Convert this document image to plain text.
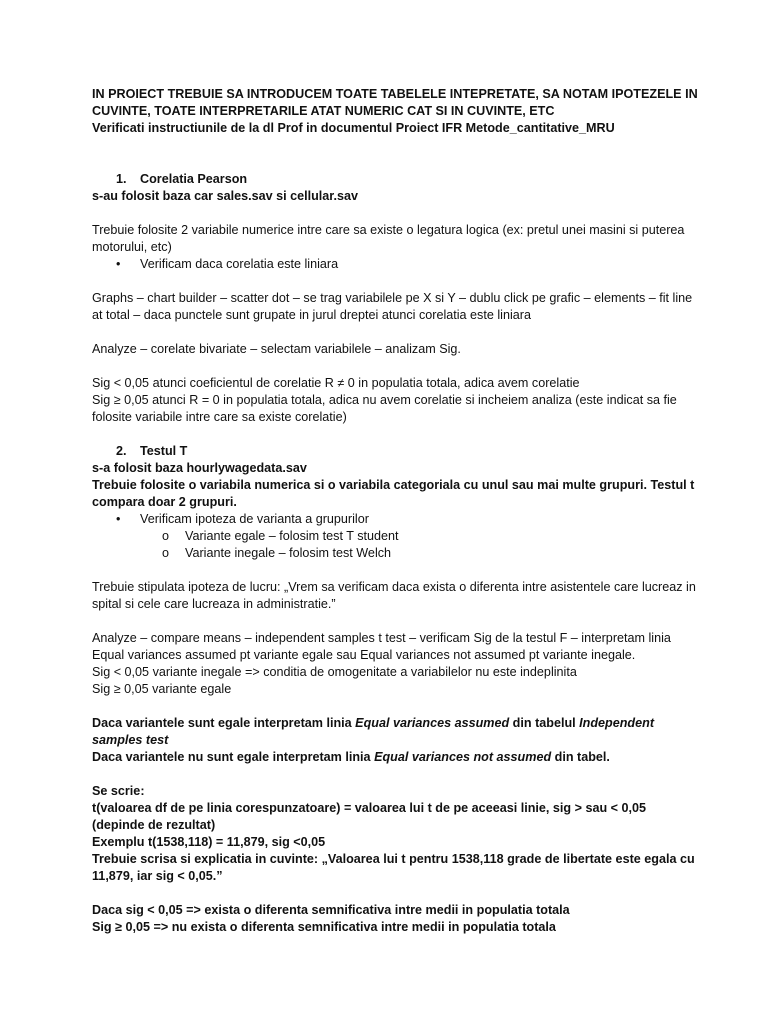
IN PROIECT TREBUIE SA INTRODUCEM TOATE TABELELE INTEPRETATE, SA NOTAM IPOTEZELE IN CUVINTE, TOATE INTERPRETARILE ATAT NUMERIC CAT SI IN CUVINTE, ETC

Verificati instructiunile de la dl Prof in documentul Proiect IFR Metode_cantitative_MRU

1. Corelatia Pearson

s-au folosit baza car sales.sav si cellular.sav

Trebuie folosite 2 variabile numerice intre care sa existe o legatura logica (ex: pretul unei masini si puterea motorului, etc)

• Verificam daca corelatia este liniara

Graphs – chart builder – scatter dot – se trag variabilele pe X si Y – dublu click pe grafic – elements – fit line at total – daca punctele sunt grupate in jurul dreptei atunci corelatia este liniara

Analyze – corelate bivariate – selectam variabilele – analizam Sig.

Sig < 0,05 atunci coeficientul de corelatie R ≠ 0 in populatia totala, adica avem corelatie

Sig ≥ 0,05 atunci R = 0 in populatia totala, adica nu avem corelatie si incheiem analiza (este indicat sa fie folosite variabile intre care sa existe corelatie)

2. Testul T

s-a folosit baza hourlywagedata.sav

Trebuie folosite o variabila numerica si o variabila categoriala cu unul sau mai multe grupuri. Testul t compara doar 2 grupuri.

• Verificam ipoteza de varianta a grupurilor

o Variante egale – folosim test T student

o Variante inegale – folosim test Welch

Trebuie stipulata ipoteza de lucru: „Vrem sa verificam daca exista o diferenta intre asistentele care lucreaz in spital si cele care lucreaza in administratie.”

Analyze – compare means – independent samples t test – verificam Sig de la testul F – interpretam linia Equal variances assumed pt variante egale sau Equal variances not assumed pt variante inegale.

Sig < 0,05 variante inegale => conditia de omogenitate a variabilelor nu este indeplinita

Sig ≥ 0,05 variante egale

Daca variantele sunt egale interpretam linia Equal variances assumed din tabelul Independent samples test

Daca variantele nu sunt egale interpretam linia Equal variances not assumed din tabel.

Se scrie:

t(valoarea df de pe linia corespunzatoare) = valoarea lui t de pe aceeasi linie, sig > sau < 0,05 (depinde de rezultat)

Exemplu t(1538,118) = 11,879, sig <0,05

Trebuie scrisa si explicatia in cuvinte: „Valoarea lui t pentru 1538,118 grade de libertate este egala cu 11,879, iar sig < 0,05.”

Daca sig < 0,05 => exista o diferenta semnificativa intre medii in populatia totala

Sig ≥ 0,05 => nu exista o diferenta semnificativa intre medii in populatia totala
